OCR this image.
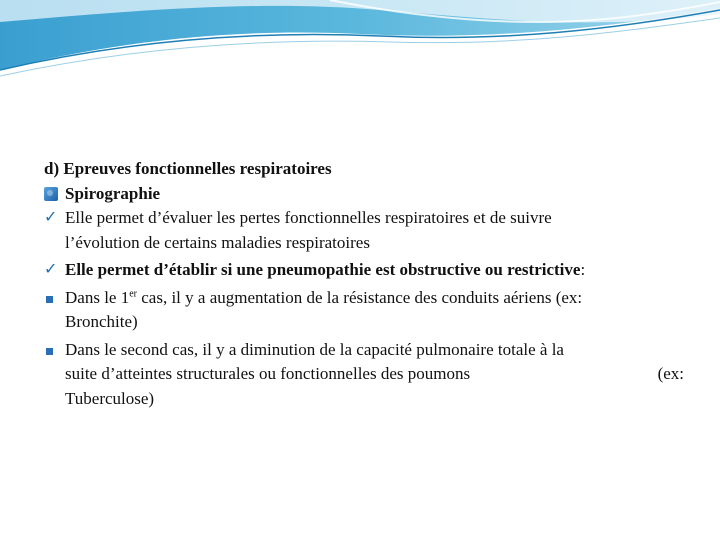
d) Epreuves fonctionnelles respiratoires

Spirographie

✓ Elle permet d’évaluer les pertes fonctionnelles respiratoires et de suivre
l’évolution de certains maladies respiratoires
✓ Elle permet d’établir si une pneumopathie est obstructive ou restrictive:
Dans le 1er cas, il y a augmentation de la résistance des conduits aériens (ex:
Bronchite)
Dans le second cas, il y a diminution de la capacité pulmonaire totale à la
suite d’atteintes structurales ou fonctionnelles des poumons	(ex:
Tuberculose)
